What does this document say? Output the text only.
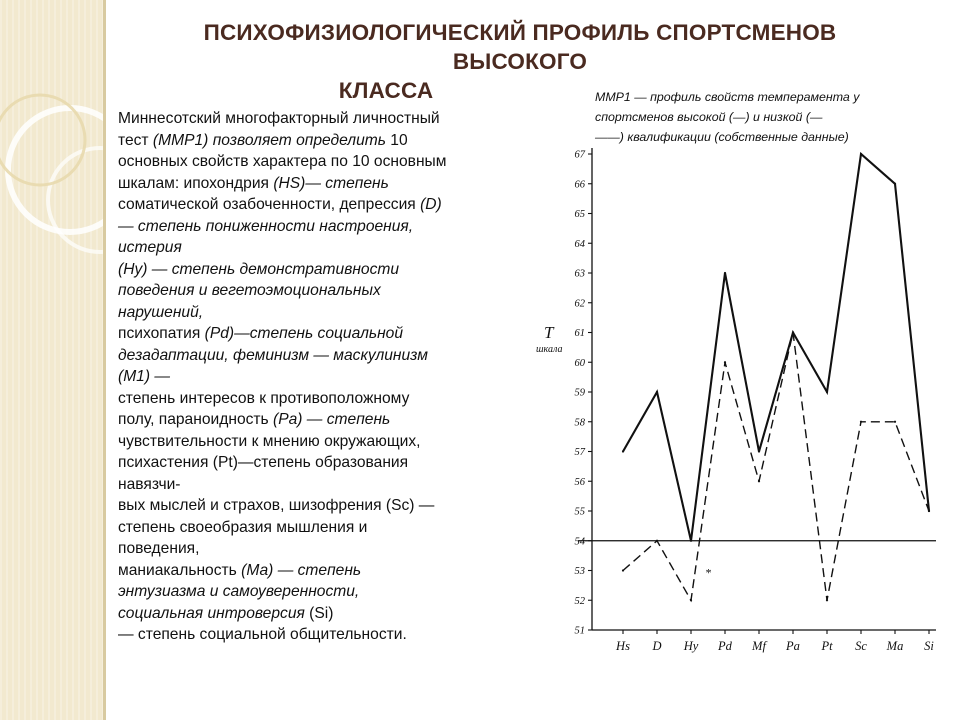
ПСИХОФИЗИОЛОГИЧЕСКИЙ ПРОФИЛЬ СПОРТСМЕНОВ
ВЫСОКОГО
КЛАССА
Миннесотский многофакторный личностный
тест (ММР1) позволяет определить 10
основных свойств характера по 10 основным
шкалам: ипохондрия (HS)— степень
соматической озабоченности, депрессия (D)
— степень пониженности настроения,
истерия
(Ну) — степень демонстративности
поведения и вегетоэмоциональных
нарушений,
психопатия (Pd)—степень социальной
дезадаптации, феминизм — маскулинизм
(М1) —
степень интересов к противоположному
полу, параноидность (Ра) — степень
чувствительности к мнению окружающих,
психастения (Pt)—степень образования
навязчи-
вых мыслей и страхов, шизофрения (Sc) —
степень своеобразия мышления и
поведения,
маниакальность (Ма) — степень
энтузиазма и самоуверенности,
социальная интроверсия (Si)
— степень социальной общительности.
ММР1 — профиль свойств темперамента у
спортсменов высокой (—) и низкой (—
——) квалификации (собственные данные)
51
52
53
54
55
56
57
58
59
60
61
62
63
64
65
66
67
Hs D Hy Pd Mf Pa Pt Sc Ma Si
*
T
шкала
